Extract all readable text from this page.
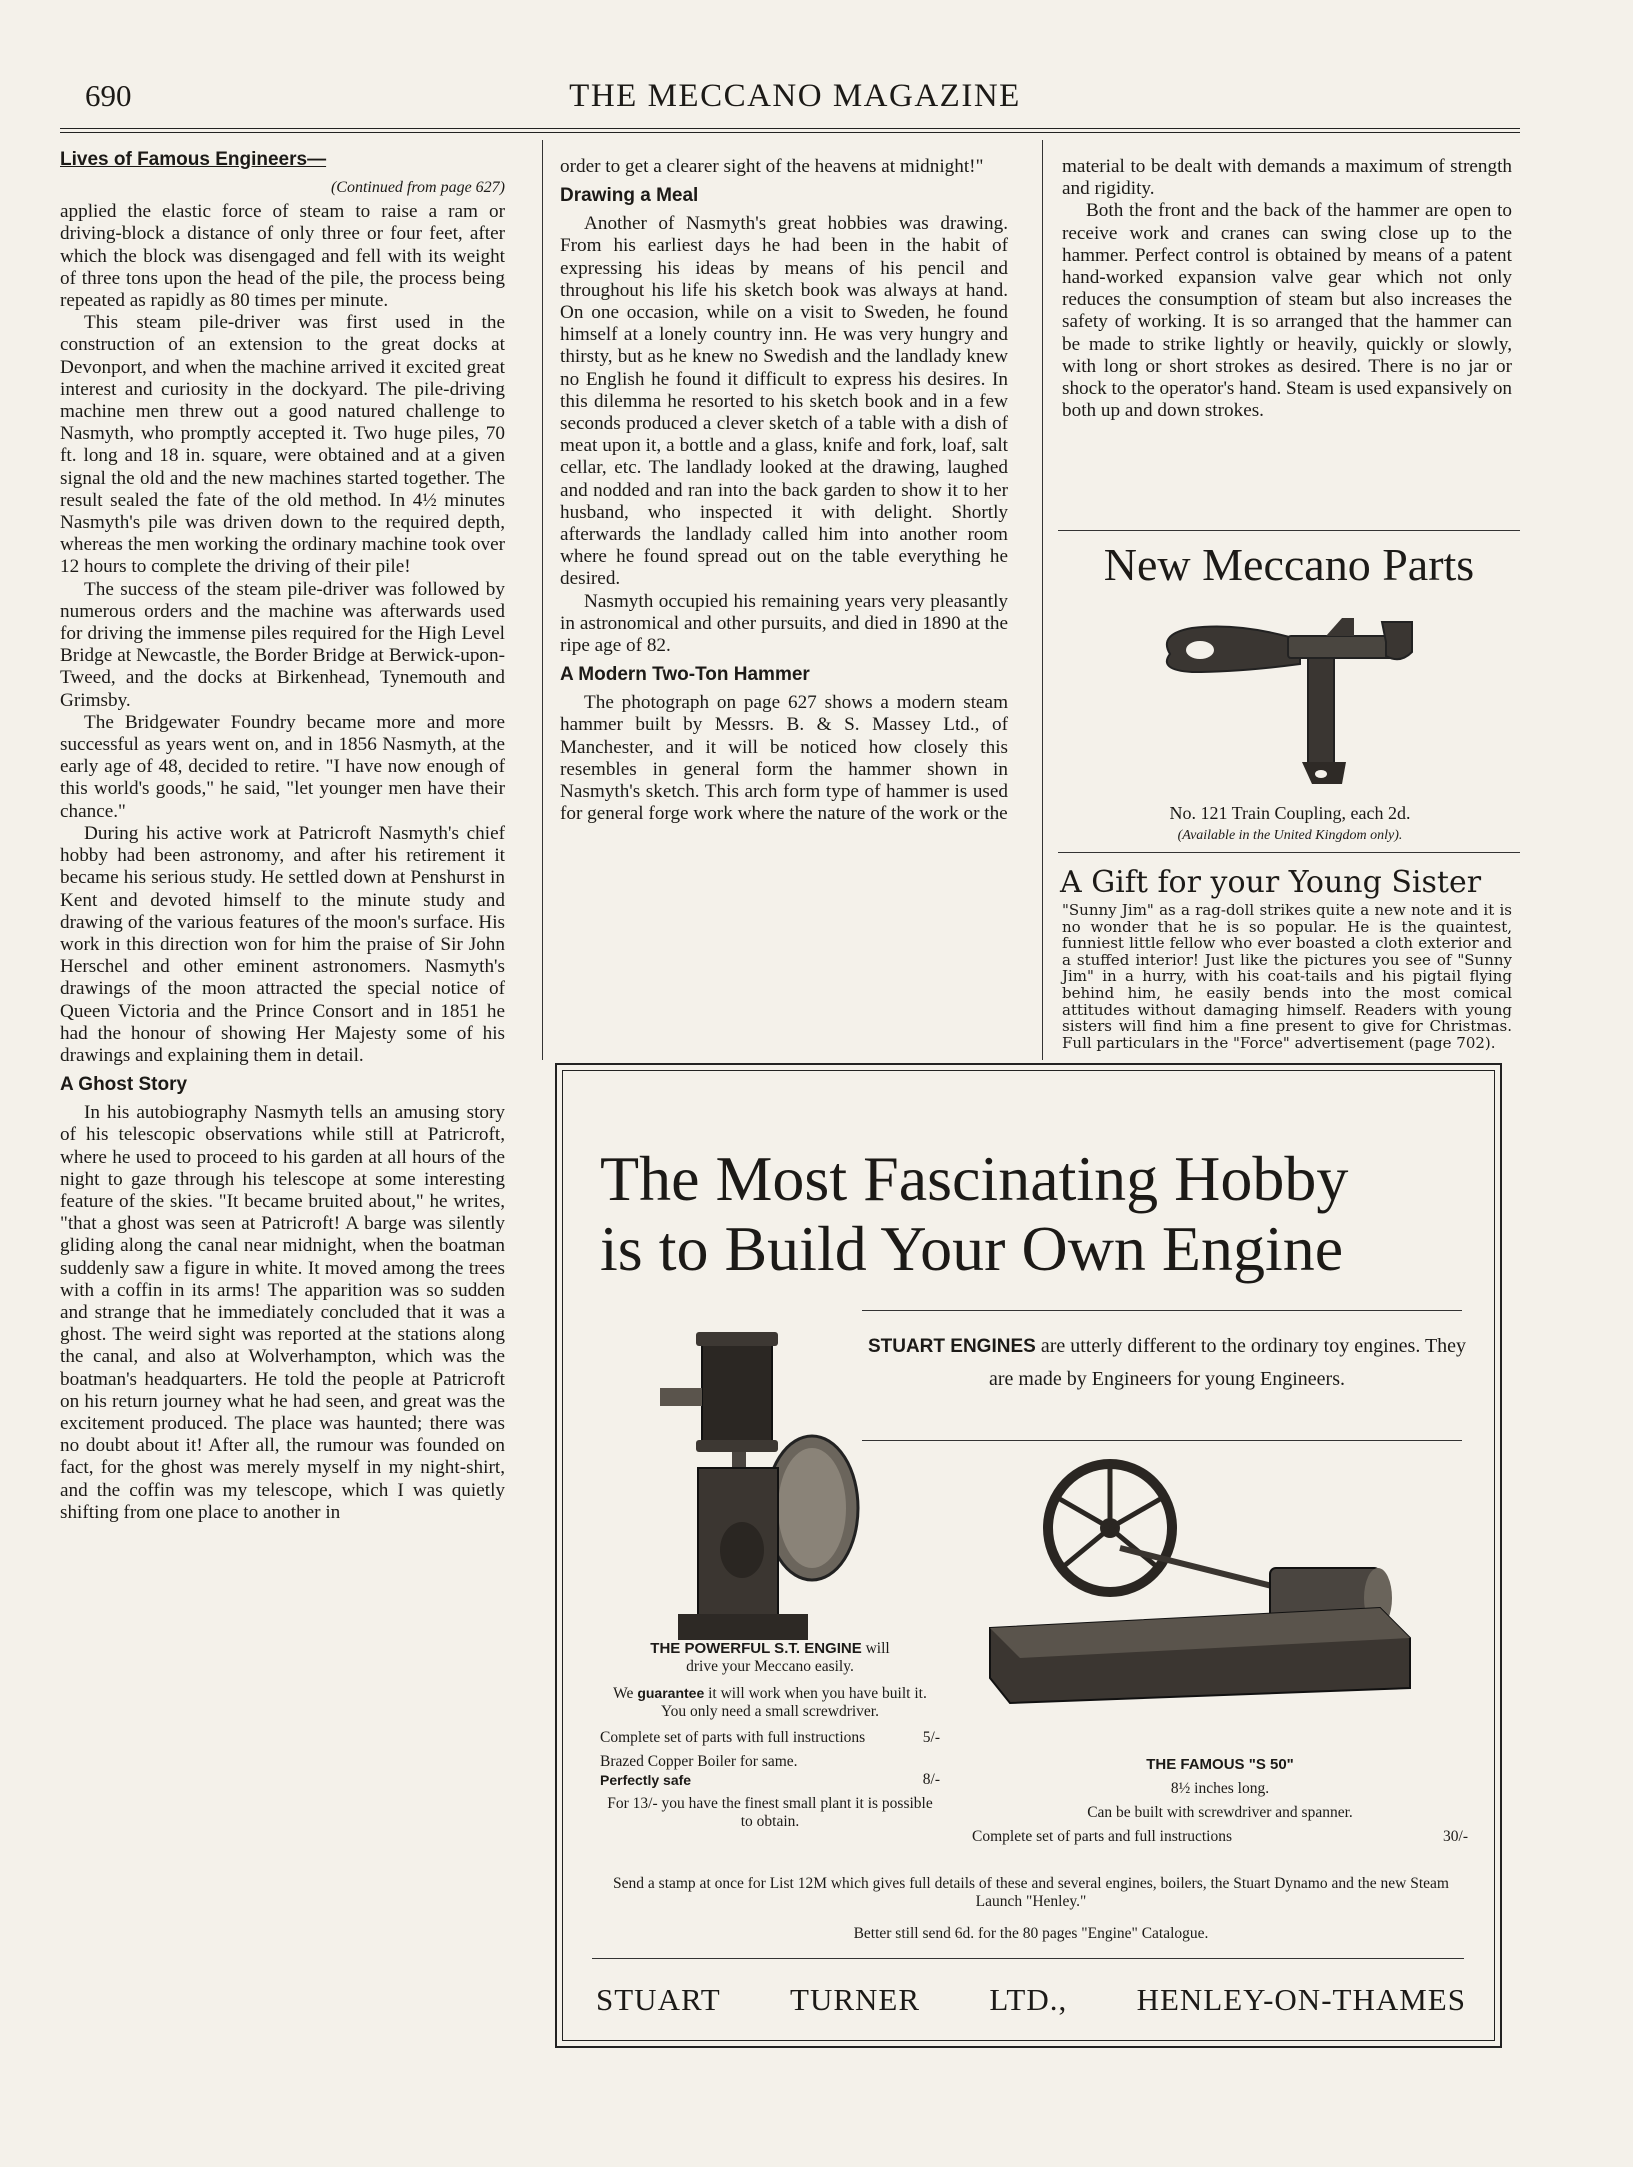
690	THE MECCANO MAGAZINE
Lives of Famous Engineers—
(Continued from page 627)

applied the elastic force of steam to raise a ram or driving-block a distance of only three or four feet, after which the block was disengaged and fell with its weight of three tons upon the head of the pile, the process being repeated as rapidly as 80 times per minute.

This steam pile-driver was first used in the construction of an extension to the great docks at Devonport, and when the machine arrived it excited great interest and curiosity in the dockyard. The pile-driving machine men threw out a good natured challenge to Nasmyth, who promptly accepted it. Two huge piles, 70 ft. long and 18 in. square, were obtained and at a given signal the old and the new machines started together. The result sealed the fate of the old method. In 4½ minutes Nasmyth's pile was driven down to the required depth, whereas the men working the ordinary machine took over 12 hours to complete the driving of their pile!

The success of the steam pile-driver was followed by numerous orders and the machine was afterwards used for driving the immense piles required for the High Level Bridge at Newcastle, the Border Bridge at Berwick-upon-Tweed, and the docks at Birkenhead, Tynemouth and Grimsby.

The Bridgewater Foundry became more and more successful as years went on, and in 1856 Nasmyth, at the early age of 48, decided to retire. "I have now enough of this world's goods," he said, "let younger men have their chance."

During his active work at Patricroft Nasmyth's chief hobby had been astronomy, and after his retirement it became his serious study. He settled down at Penshurst in Kent and devoted himself to the minute study and drawing of the various features of the moon's surface. His work in this direction won for him the praise of Sir John Herschel and other eminent astronomers. Nasmyth's drawings of the moon attracted the special notice of Queen Victoria and the Prince Consort and in 1851 he had the honour of showing Her Majesty some of his drawings and explaining them in detail.

A Ghost Story

In his autobiography Nasmyth tells an amusing story of his telescopic observations while still at Patricroft, where he used to proceed to his garden at all hours of the night to gaze through his telescope at some interesting feature of the skies. "It became bruited about," he writes, "that a ghost was seen at Patricroft! A barge was silently gliding along the canal near midnight, when the boatman suddenly saw a figure in white. It moved among the trees with a coffin in its arms! The apparition was so sudden and strange that he immediately concluded that it was a ghost. The weird sight was reported at the stations along the canal, and also at Wolverhampton, which was the boatman's headquarters. He told the people at Patricroft on his return journey what he had seen, and great was the excitement produced. The place was haunted; there was no doubt about it! After all, the rumour was founded on fact, for the ghost was merely myself in my night-shirt, and the coffin was my telescope, which I was quietly shifting from one place to another in

order to get a clearer sight of the heavens at midnight!"

Drawing a Meal

Another of Nasmyth's great hobbies was drawing. From his earliest days he had been in the habit of expressing his ideas by means of his pencil and throughout his life his sketch book was always at hand. On one occasion, while on a visit to Sweden, he found himself at a lonely country inn. He was very hungry and thirsty, but as he knew no Swedish and the landlady knew no English he found it difficult to express his desires. In this dilemma he resorted to his sketch book and in a few seconds produced a clever sketch of a table with a dish of meat upon it, a bottle and a glass, knife and fork, loaf, salt cellar, etc. The landlady looked at the drawing, laughed and nodded and ran into the back garden to show it to her husband, who inspected it with delight. Shortly afterwards the landlady called him into another room where he found spread out on the table everything he desired.

Nasmyth occupied his remaining years very pleasantly in astronomical and other pursuits, and died in 1890 at the ripe age of 82.

A Modern Two-Ton Hammer

The photograph on page 627 shows a modern steam hammer built by Messrs. B. & S. Massey Ltd., of Manchester, and it will be noticed how closely this resembles in general form the hammer shown in Nasmyth's sketch. This arch form type of hammer is used for general forge work where the nature of the work or the

material to be dealt with demands a maximum of strength and rigidity.

Both the front and the back of the hammer are open to receive work and cranes can swing close up to the hammer. Perfect control is obtained by means of a patent hand-worked expansion valve gear which not only reduces the consumption of steam but also increases the safety of working. It is so arranged that the hammer can be made to strike lightly or heavily, quickly or slowly, with long or short strokes as desired. There is no jar or shock to the operator's hand. Steam is used expansively on both up and down strokes.

New Meccano Parts
No. 121 Train Coupling, each 2d.
(Available in the United Kingdom only).
A Gift for your Young Sister
"Sunny Jim" as a rag-doll strikes quite a new note and it is no wonder that he is so popular. He is the quaintest, funniest little fellow who ever boasted a cloth exterior and a stuffed interior! Just like the pictures you see of "Sunny Jim" in a hurry, with his coat-tails and his pigtail flying behind him, he easily bends into the most comical attitudes without damaging himself. Readers with young sisters will find him a fine present to give for Christmas. Full particulars in the "Force" advertisement (page 702).
The Most Fascinating Hobby
is to Build Your Own Engine
STUART ENGINES are utterly different to the ordinary toy engines. They are made by Engineers for young Engineers.
THE POWERFUL S.T. ENGINE will
drive your Meccano easily.
We guarantee it will work when you have built it. You only need a small screwdriver.
Complete set of parts with full instructions	5/-
Brazed Copper Boiler for same.
Perfectly safe	8/-
For 13/- you have the finest small plant it is possible to obtain.
THE FAMOUS "S 50"
8½ inches long.
Can be built with screwdriver and spanner.
Complete set of parts and full instructions	30/-
Send a stamp at once for List 12M which gives full details of these and several engines, boilers, the Stuart Dynamo and the new Steam Launch "Henley."
Better still send 6d. for the 80 pages "Engine" Catalogue.
STUART TURNER LTD., HENLEY-ON-THAMES
